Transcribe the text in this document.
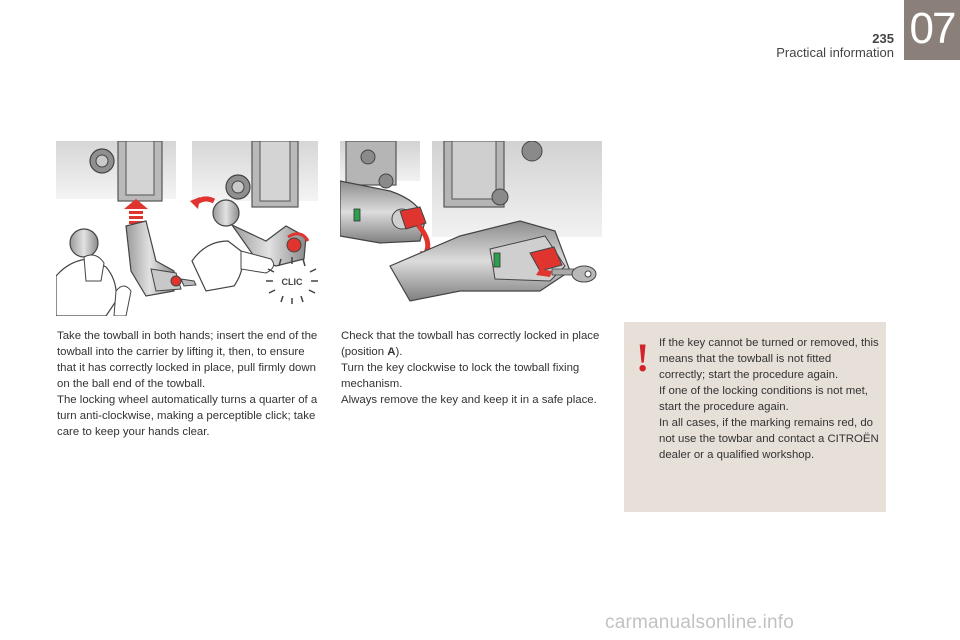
235
Practical information 07
CLIC

Take the towball in both hands; insert the end of the towball into the carrier by lifting it, then, to ensure that it has correctly locked in place, pull firmly down on the ball end of the towball.

The locking wheel automatically turns a quarter of a turn anti-clockwise, making a perceptible click; take care to keep your hands clear.

Check that the towball has correctly locked in place (position A).

Turn the key clockwise to lock the towball fixing mechanism.

Always remove the key and keep it in a safe place.

! If the key cannot be turned or removed, this means that the towball is not fitted correctly; start the procedure again.

If one of the locking conditions is not met, start the procedure again.

In all cases, if the marking remains red, do not use the towbar and contact a CITROËN dealer or a qualified workshop.

carmanualsonline.info
